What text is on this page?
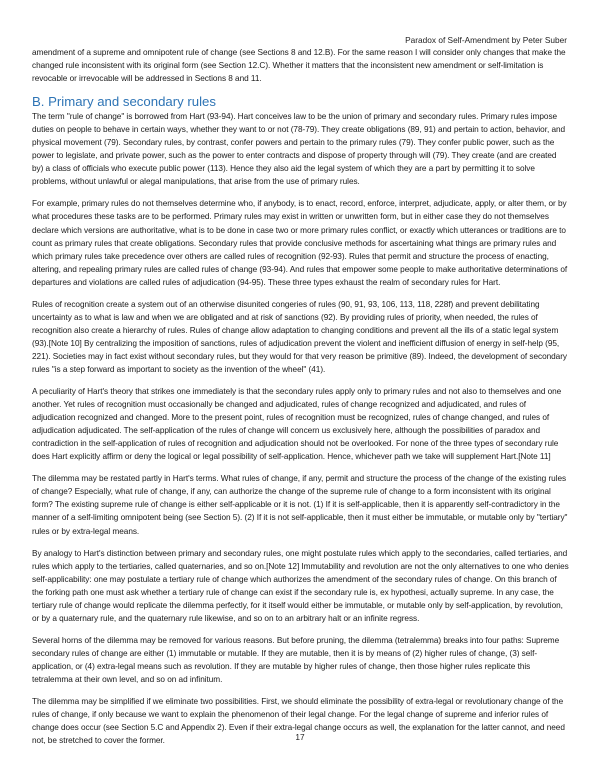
Paradox of Self-Amendment by Peter Suber

amendment of a supreme and omnipotent rule of change (see Sections 8 and 12.B). For the same reason I will consider only changes that make the changed rule inconsistent with its original form (see Section 12.C). Whether it matters that the inconsistent new amendment or self-limitation is revocable or irrevocable will be addressed in Sections 8 and 11.

B. Primary and secondary rules

The term "rule of change" is borrowed from Hart (93-94). Hart conceives law to be the union of primary and secondary rules. Primary rules impose duties on people to behave in certain ways, whether they want to or not (78-79). They create obligations (89, 91) and pertain to action, behavior, and physical movement (79). Secondary rules, by contrast, confer powers and pertain to the primary rules (79). They confer public power, such as the power to legislate, and private power, such as the power to enter contracts and dispose of property through will (79). They create (and are created by) a class of officials who execute public power (113). Hence they also aid the legal system of which they are a part by permitting it to solve problems, without unlawful or alegal manipulations, that arise from the use of primary rules.

For example, primary rules do not themselves determine who, if anybody, is to enact, record, enforce, interpret, adjudicate, apply, or alter them, or by what procedures these tasks are to be performed. Primary rules may exist in written or unwritten form, but in either case they do not themselves declare which versions are authoritative, what is to be done in case two or more primary rules conflict, or exactly which utterances or traditions are to count as primary rules that create obligations. Secondary rules that provide conclusive methods for ascertaining what things are primary rules and which primary rules take precedence over others are called rules of recognition (92-93). Rules that permit and structure the process of enacting, altering, and repealing primary rules are called rules of change (93-94). And rules that empower some people to make authoritative determinations of departures and violations are called rules of adjudication (94-95). These three types exhaust the realm of secondary rules for Hart.

Rules of recognition create a system out of an otherwise disunited congeries of rules (90, 91, 93, 106, 113, 118, 228f) and prevent debilitating uncertainty as to what is law and when we are obligated and at risk of sanctions (92). By providing rules of priority, when needed, the rules of recognition also create a hierarchy of rules. Rules of change allow adaptation to changing conditions and prevent all the ills of a static legal system (93).[Note 10] By centralizing the imposition of sanctions, rules of adjudication prevent the violent and inefficient diffusion of energy in self-help (95, 221). Societies may in fact exist without secondary rules, but they would for that very reason be primitive (89). Indeed, the development of secondary rules "is a step forward as important to society as the invention of the wheel" (41).

A peculiarity of Hart's theory that strikes one immediately is that the secondary rules apply only to primary rules and not also to themselves and one another. Yet rules of recognition must occasionally be changed and adjudicated, rules of change recognized and adjudicated, and rules of adjudication recognized and changed. More to the present point, rules of recognition must be recognized, rules of change changed, and rules of adjudication adjudicated. The self-application of the rules of change will concern us exclusively here, although the possibilities of paradox and contradiction in the self-application of rules of recognition and adjudication should not be overlooked. For none of the three types of secondary rule does Hart explicitly affirm or deny the logical or legal possibility of self-application. Hence, whichever path we take will supplement Hart.[Note 11]

The dilemma may be restated partly in Hart's terms. What rules of change, if any, permit and structure the process of the change of the existing rules of change? Especially, what rule of change, if any, can authorize the change of the supreme rule of change to a form inconsistent with its original form? The existing supreme rule of change is either self-applicable or it is not. (1) If it is self-applicable, then it is apparently self-contradictory in the manner of a self-limiting omnipotent being (see Section 5). (2) If it is not self-applicable, then it must either be immutable, or mutable only by "tertiary" rules or by extra-legal means.

By analogy to Hart's distinction between primary and secondary rules, one might postulate rules which apply to the secondaries, called tertiaries, and rules which apply to the tertiaries, called quaternaries, and so on.[Note 12] Immutability and revolution are not the only alternatives to one who denies self-applicability: one may postulate a tertiary rule of change which authorizes the amendment of the secondary rules of change. On this branch of the forking path one must ask whether a tertiary rule of change can exist if the secondary rule is, ex hypothesi, actually supreme. In any case, the tertiary rule of change would replicate the dilemma perfectly, for it itself would either be immutable, or mutable only by self-application, by revolution, or by a quaternary rule, and the quaternary rule likewise, and so on to an arbitrary halt or an infinite regress.

Several horns of the dilemma may be removed for various reasons. But before pruning, the dilemma (tetralemma) breaks into four paths: Supreme secondary rules of change are either (1) immutable or mutable. If they are mutable, then it is by means of (2) higher rules of change, (3) self-application, or (4) extra-legal means such as revolution. If they are mutable by higher rules of change, then those higher rules replicate this tetralemma at their own level, and so on ad infinitum.

The dilemma may be simplified if we eliminate two possibilities. First, we should eliminate the possibility of extra-legal or revolutionary change of the rules of change, if only because we want to explain the phenomenon of their legal change. For the legal change of supreme and inferior rules of change does occur (see Section 5.C and Appendix 2). Even if their extra-legal change occurs as well, the explanation for the latter cannot, and need not, be stretched to cover the former.	17
